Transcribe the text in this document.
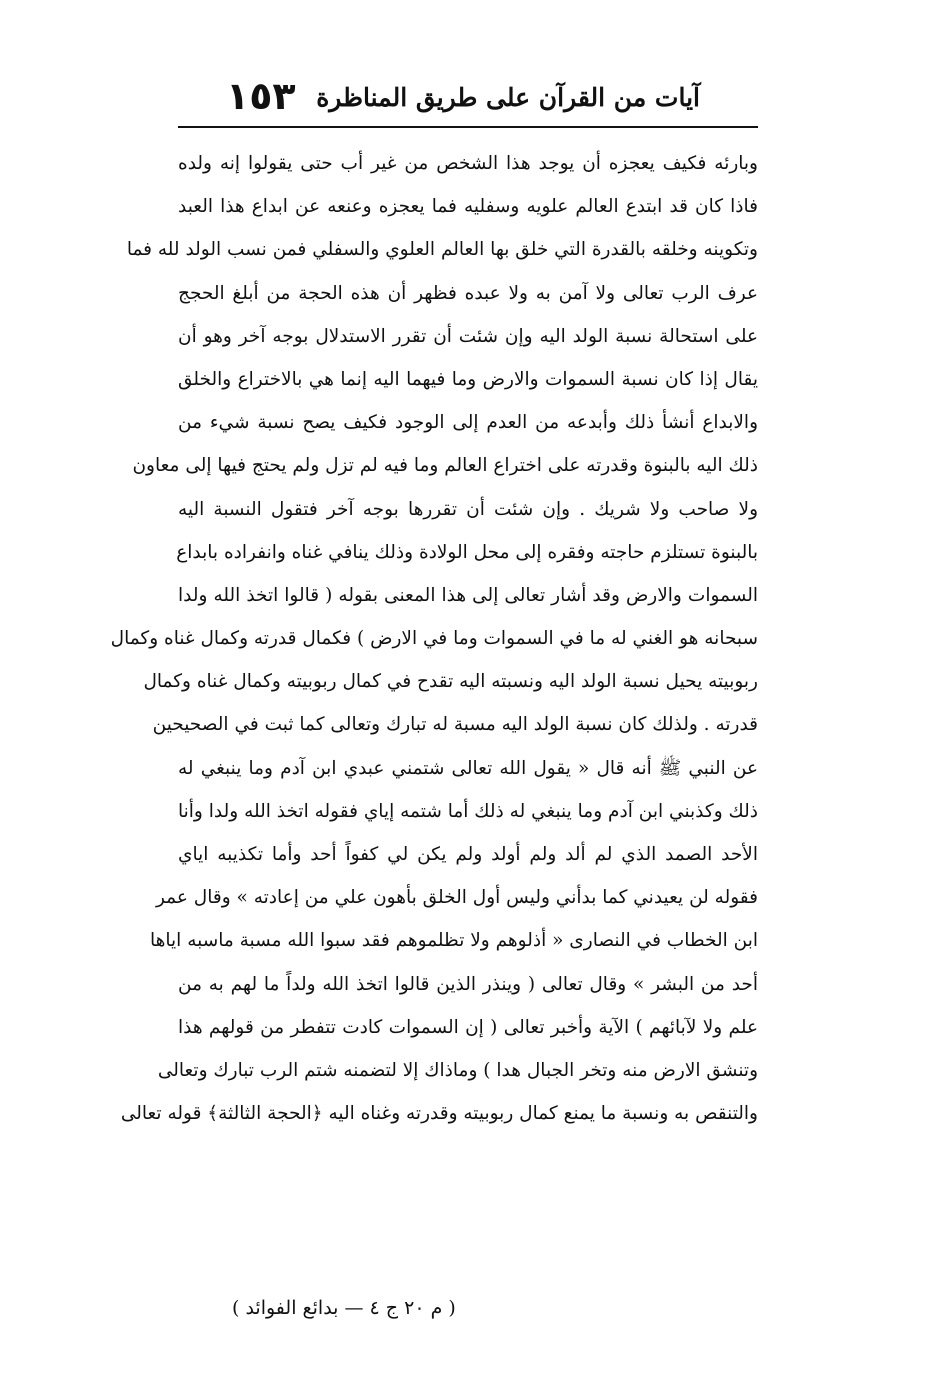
١٥٣ آيات من القرآن على طريق المناظرة
وبارئه فكيف يعجزه أن يوجد هذا الشخص من غير أب حتى يقولوا إنه ولده
فاذا كان قد ابتدع العالم علويه وسفليه فما يعجزه وعنعه عن ابداع هذا العبد
وتكوينه وخلقه بالقدرة التي خلق بها العالم العلوي والسفلي فمن نسب الولد لله فما
عرف الرب تعالى ولا آمن به ولا عبده فظهر أن هذه الحجة من أبلغ الحجج
على استحالة نسبة الولد اليه وإن شئت أن تقرر الاستدلال بوجه آخر وهو أن
يقال إذا كان نسبة السموات والارض وما فيهما اليه إنما هي بالاختراع والخلق
والابداع أنشأ ذلك وأبدعه من العدم إلى الوجود فكيف يصح نسبة شيء من
ذلك اليه بالبنوة وقدرته على اختراع العالم وما فيه لم تزل ولم يحتج فيها إلى معاون
ولا صاحب ولا شريك . وإن شئت أن تقررها بوجه آخر فتقول النسبة اليه
بالبنوة تستلزم حاجته وفقره إلى محل الولادة وذلك ينافي غناه وانفراده بابداع
السموات والارض وقد أشار تعالى إلى هذا المعنى بقوله ( قالوا اتخذ الله ولدا
سبحانه هو الغني له ما في السموات وما في الارض ) فكمال قدرته وكمال غناه وكمال
ربوبيته يحيل نسبة الولد اليه ونسبته اليه تقدح في كمال ربوبيته وكمال غناه وكمال
قدرته . ولذلك كان نسبة الولد اليه مسبة له تبارك وتعالى كما ثبت في الصحيحين
عن النبي ﷺ أنه قال « يقول الله تعالى شتمني عبدي ابن آدم وما ينبغي له
ذلك وكذبني ابن آدم وما ينبغي له ذلك أما شتمه إياي فقوله اتخذ الله ولدا وأنا
الأحد الصمد الذي لم ألد ولم أولد ولم يكن لي كفواً أحد وأما تكذيبه اياي
فقوله لن يعيدني كما بدأني وليس أول الخلق بأهون علي من إعادته » وقال عمر
ابن الخطاب في النصارى « أذلوهم ولا تظلموهم فقد سبوا الله مسبة ماسبه اياها
أحد من البشر » وقال تعالى ( وينذر الذين قالوا اتخذ الله ولداً ما لهم به من
علم ولا لآبائهم ) الآية وأخبر تعالى ( إن السموات كادت تتفطر من قولهم هذا
وتنشق الارض منه وتخر الجبال هدا ) وماذاك إلا لتضمنه شتم الرب تبارك وتعالى
والتنقص به ونسبة ما يمنع كمال ربوبيته وقدرته وغناه اليه ﴿الحجة الثالثة﴾ قوله تعالى
( م ٢٠ ج ٤ — بدائع الفوائد )
